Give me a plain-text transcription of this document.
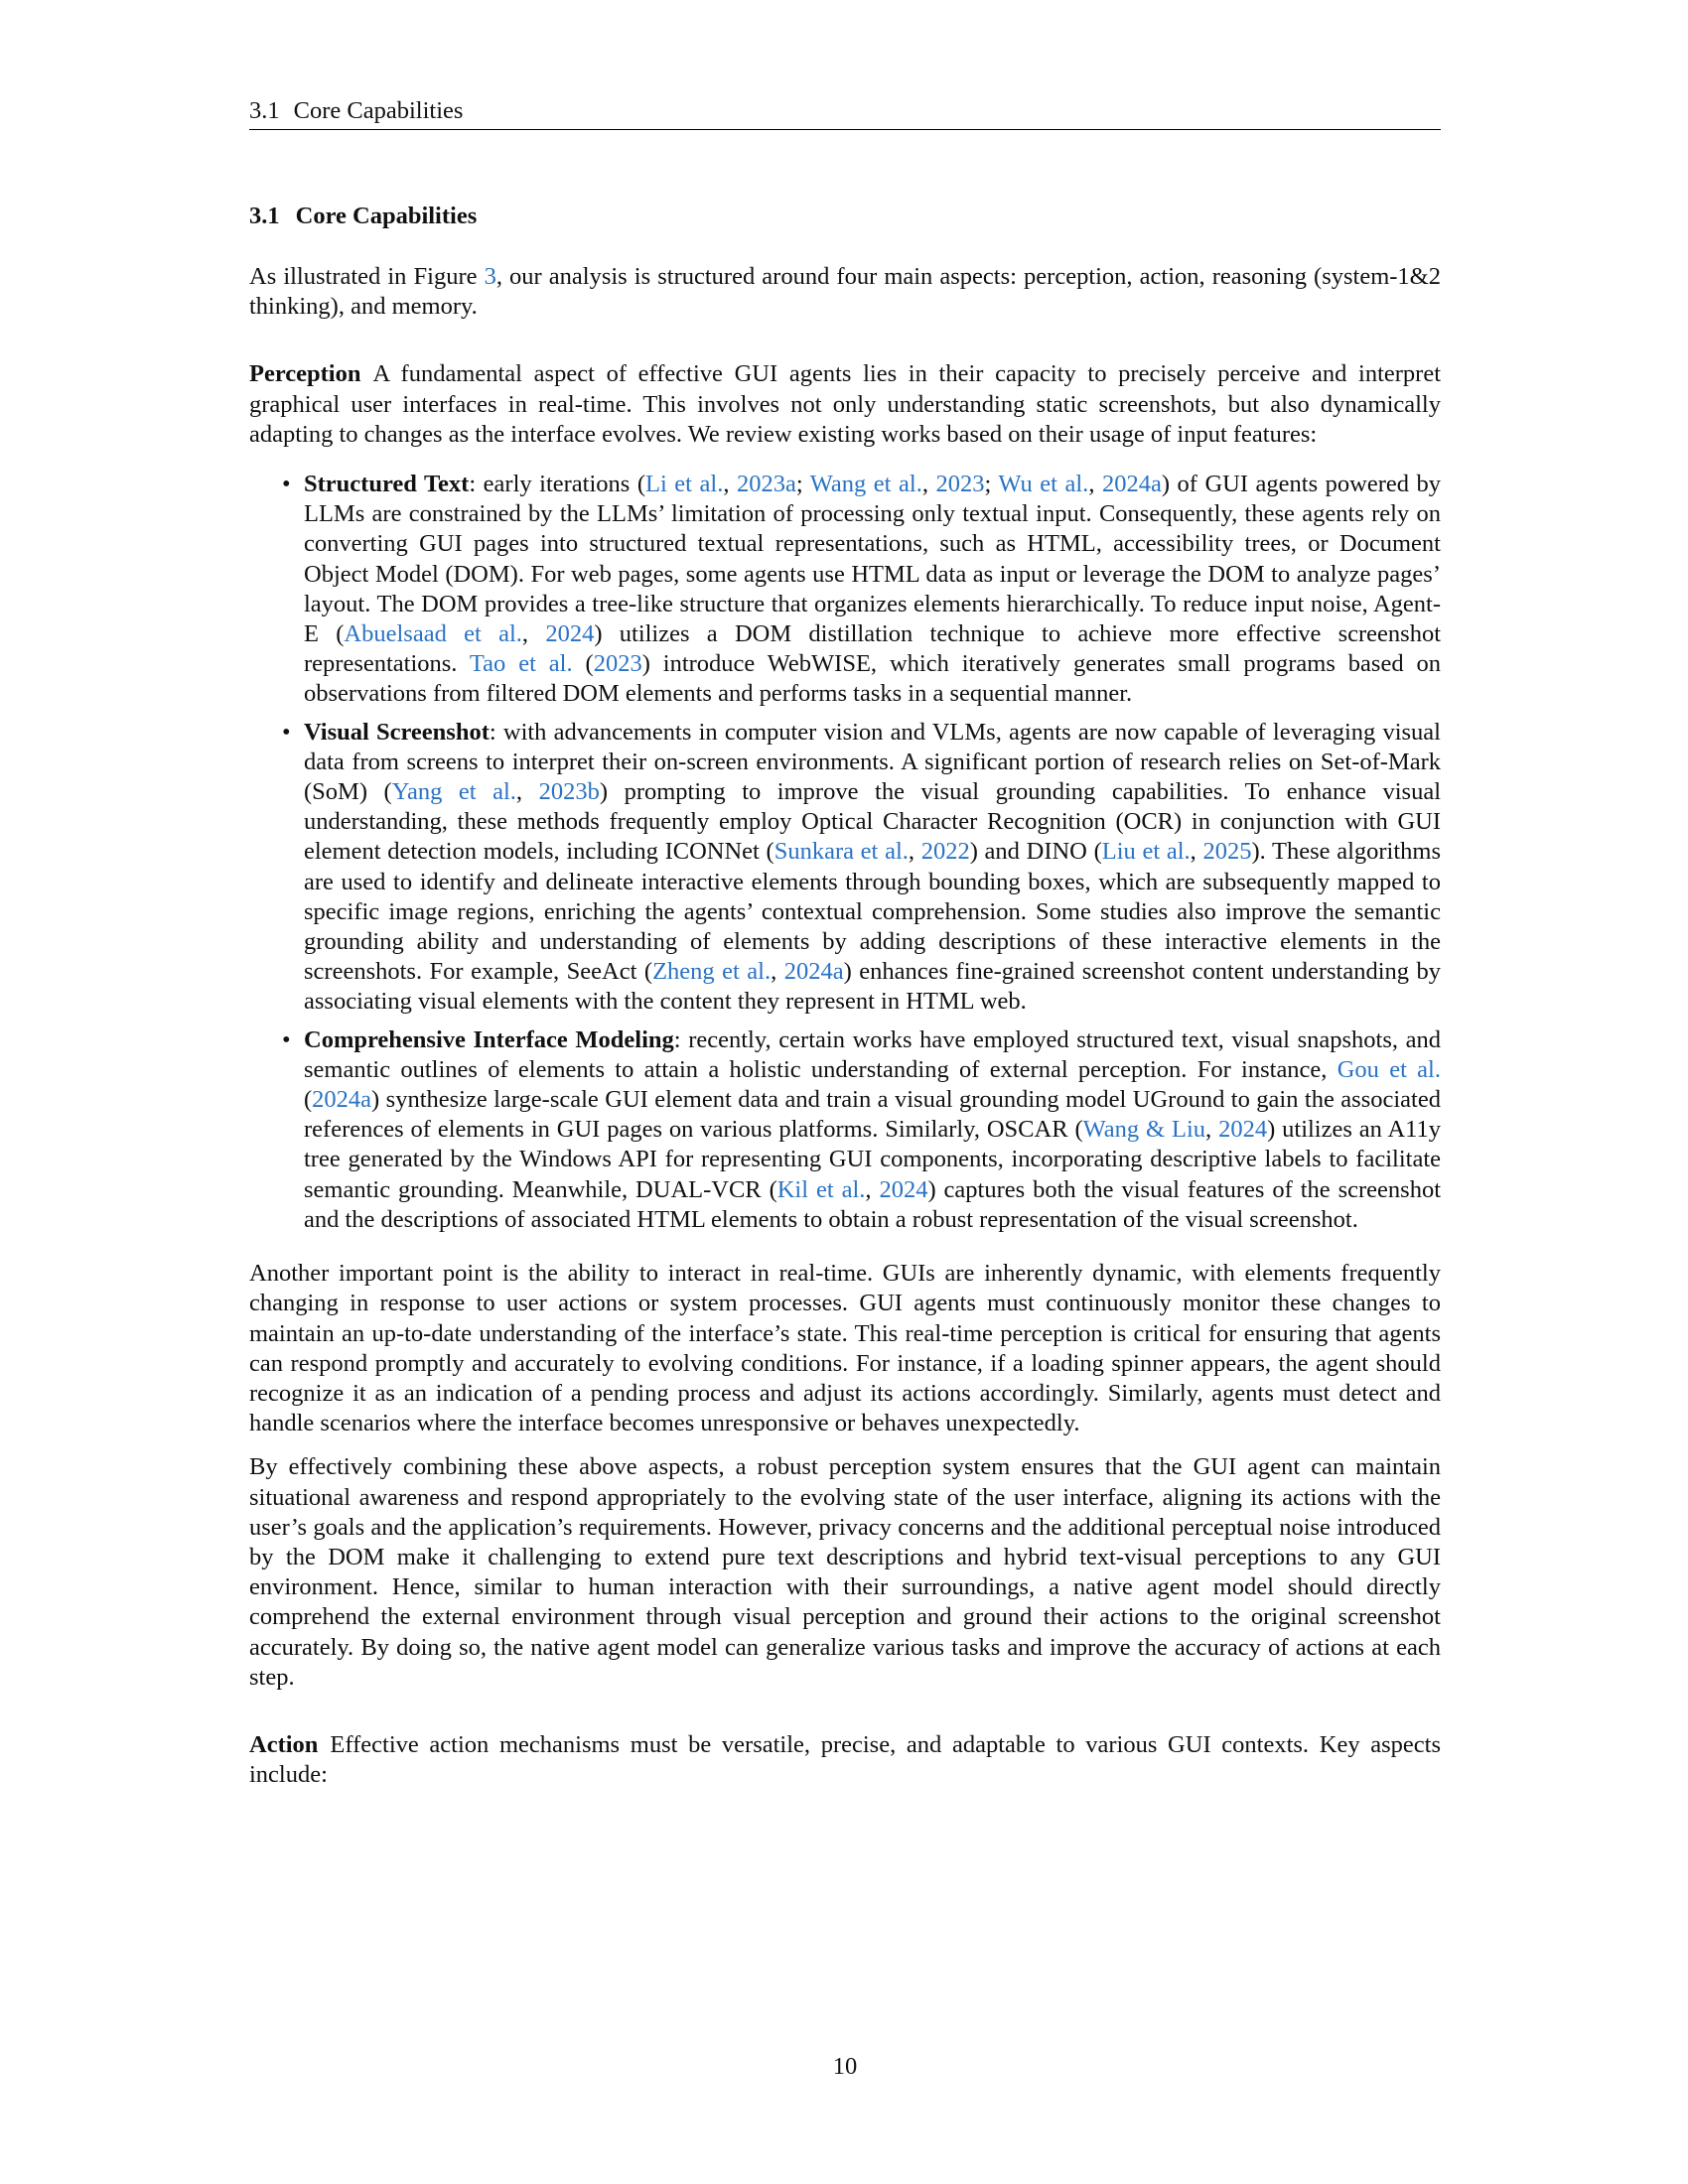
3.1 Core Capabilities
3.1 Core Capabilities

As illustrated in Figure 3, our analysis is structured around four main aspects: perception, action, reasoning (system-1&2 thinking), and memory.

Perception A fundamental aspect of effective GUI agents lies in their capacity to precisely perceive and interpret graphical user interfaces in real-time. This involves not only understanding static screenshots, but also dynamically adapting to changes as the interface evolves. We review existing works based on their usage of input features:

• Structured Text: early iterations (Li et al., 2023a; Wang et al., 2023; Wu et al., 2024a) of GUI agents powered by LLMs are constrained by the LLMs’ limitation of processing only textual input. Consequently, these agents rely on converting GUI pages into structured textual representations, such as HTML, accessibility trees, or Document Object Model (DOM). For web pages, some agents use HTML data as input or leverage the DOM to analyze pages’ layout. The DOM provides a tree-like structure that organizes elements hierarchically. To reduce input noise, Agent-E (Abuelsaad et al., 2024) utilizes a DOM distillation technique to achieve more effective screenshot representations. Tao et al. (2023) introduce WebWISE, which iteratively generates small programs based on observations from filtered DOM elements and performs tasks in a sequential manner.

• Visual Screenshot: with advancements in computer vision and VLMs, agents are now capable of leveraging visual data from screens to interpret their on-screen environments. A significant portion of research relies on Set-of-Mark (SoM) (Yang et al., 2023b) prompting to improve the visual grounding capabilities. To enhance visual understanding, these methods frequently employ Optical Character Recognition (OCR) in conjunction with GUI element detection models, including ICONNet (Sunkara et al., 2022) and DINO (Liu et al., 2025). These algorithms are used to identify and delineate interactive elements through bounding boxes, which are subsequently mapped to specific image regions, enriching the agents’ contextual comprehension. Some studies also improve the semantic grounding ability and understanding of elements by adding descriptions of these interactive elements in the screenshots. For example, SeeAct (Zheng et al., 2024a) enhances fine-grained screenshot content understanding by associating visual elements with the content they represent in HTML web.

• Comprehensive Interface Modeling: recently, certain works have employed structured text, visual snapshots, and semantic outlines of elements to attain a holistic understanding of external perception. For instance, Gou et al. (2024a) synthesize large-scale GUI element data and train a visual grounding model UGround to gain the associated references of elements in GUI pages on various platforms. Similarly, OSCAR (Wang & Liu, 2024) utilizes an A11y tree generated by the Windows API for representing GUI components, incorporating descriptive labels to facilitate semantic grounding. Meanwhile, DUAL-VCR (Kil et al., 2024) captures both the visual features of the screenshot and the descriptions of associated HTML elements to obtain a robust representation of the visual screenshot.

Another important point is the ability to interact in real-time. GUIs are inherently dynamic, with elements frequently changing in response to user actions or system processes. GUI agents must continuously monitor these changes to maintain an up-to-date understanding of the interface’s state. This real-time perception is critical for ensuring that agents can respond promptly and accurately to evolving conditions. For instance, if a loading spinner appears, the agent should recognize it as an indication of a pending process and adjust its actions accordingly. Similarly, agents must detect and handle scenarios where the interface becomes unresponsive or behaves unexpectedly.

By effectively combining these above aspects, a robust perception system ensures that the GUI agent can maintain situational awareness and respond appropriately to the evolving state of the user interface, aligning its actions with the user’s goals and the application’s requirements. However, privacy concerns and the additional perceptual noise introduced by the DOM make it challenging to extend pure text descriptions and hybrid text-visual perceptions to any GUI environment. Hence, similar to human interaction with their surroundings, a native agent model should directly comprehend the external environment through visual perception and ground their actions to the original screenshot accurately. By doing so, the native agent model can generalize various tasks and improve the accuracy of actions at each step.

Action Effective action mechanisms must be versatile, precise, and adaptable to various GUI contexts. Key aspects include:

10
